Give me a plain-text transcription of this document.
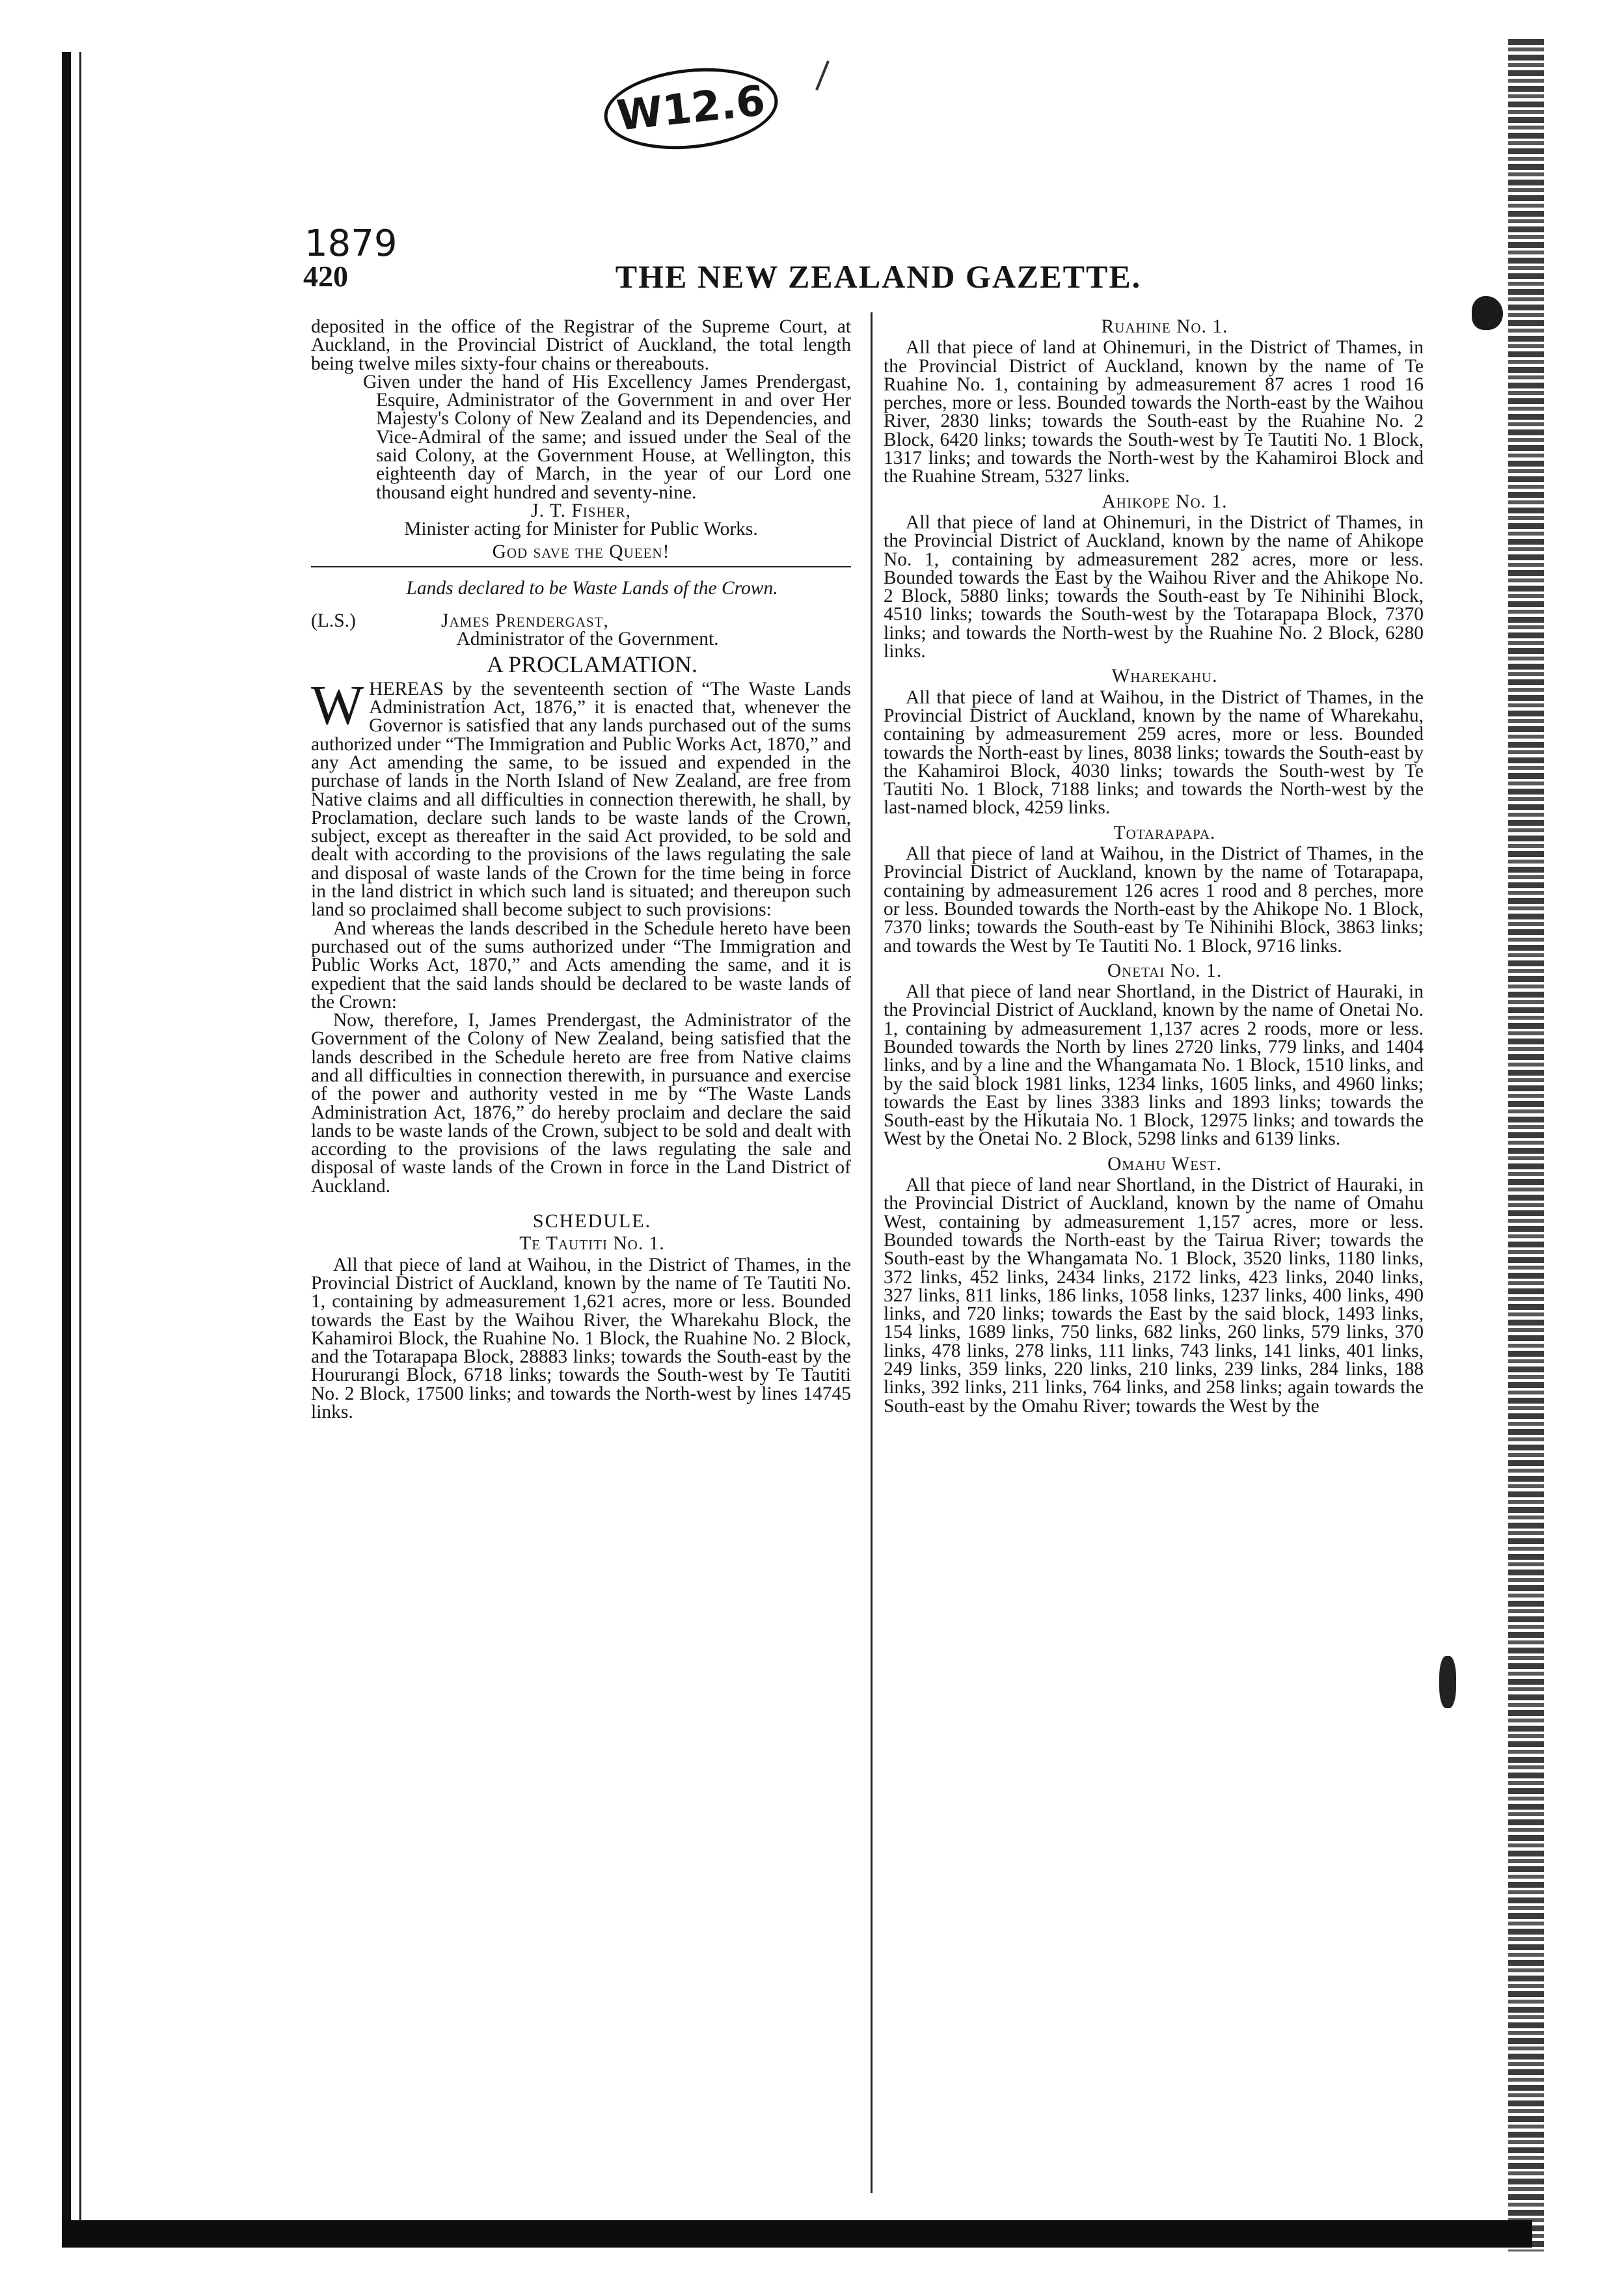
W12.6
1879
420	THE NEW ZEALAND GAZETTE.

deposited in the office of the Registrar of the Supreme Court, at Auckland, in the Provincial District of Auckland, the total length being twelve miles sixty-four chains or thereabouts.

Given under the hand of His Excellency James Prendergast, Esquire, Administrator of the Government in and over Her Majesty's Colony of New Zealand and its Dependencies, and Vice-Admiral of the same; and issued under the Seal of the said Colony, at the Government House, at Wellington, this eighteenth day of March, in the year of our Lord one thousand eight hundred and seventy-nine.

J. T. Fisher,

Minister acting for Minister for Public Works.

God save the Queen!

Lands declared to be Waste Lands of the Crown.

(L.S.)	James Prendergast,

Administrator of the Government.

A PROCLAMATION.

WHEREAS by the seventeenth section of “The Waste Lands Administration Act, 1876,” it is enacted that, whenever the Governor is satisfied that any lands purchased out of the sums authorized under “The Immigration and Public Works Act, 1870,” and any Act amending the same, to be issued and expended in the purchase of lands in the North Island of New Zealand, are free from Native claims and all difficulties in connection therewith, he shall, by Proclamation, declare such lands to be waste lands of the Crown, subject, except as thereafter in the said Act provided, to be sold and dealt with according to the provisions of the laws regulating the sale and disposal of waste lands of the Crown for the time being in force in the land district in which such land is situated; and thereupon such land so proclaimed shall become subject to such provisions:

And whereas the lands described in the Schedule hereto have been purchased out of the sums authorized under “The Immigration and Public Works Act, 1870,” and Acts amending the same, and it is expedient that the said lands should be declared to be waste lands of the Crown:

Now, therefore, I, James Prendergast, the Administrator of the Government of the Colony of New Zealand, being satisfied that the lands described in the Schedule hereto are free from Native claims and all difficulties in connection therewith, in pursuance and exercise of the power and authority vested in me by “The Waste Lands Administration Act, 1876,” do hereby proclaim and declare the said lands to be waste lands of the Crown, subject to be sold and dealt with according to the provisions of the laws regulating the sale and disposal of waste lands of the Crown in force in the Land District of Auckland.

SCHEDULE.

Te Tautiti No. 1.

All that piece of land at Waihou, in the District of Thames, in the Provincial District of Auckland, known by the name of Te Tautiti No. 1, containing by admeasurement 1,621 acres, more or less. Bounded towards the East by the Waihou River, the Wharekahu Block, the Kahamiroi Block, the Ruahine No. 1 Block, the Ruahine No. 2 Block, and the Totarapapa Block, 28883 links; towards the South-east by the Hoururangi Block, 6718 links; towards the South-west by Te Tautiti No. 2 Block, 17500 links; and towards the North-west by lines 14745 links.

Ruahine No. 1.

All that piece of land at Ohinemuri, in the District of Thames, in the Provincial District of Auckland, known by the name of Te Ruahine No. 1, containing by admeasurement 87 acres 1 rood 16 perches, more or less. Bounded towards the North-east by the Waihou River, 2830 links; towards the South-east by the Ruahine No. 2 Block, 6420 links; towards the South-west by Te Tautiti No. 1 Block, 1317 links; and towards the North-west by the Kahamiroi Block and the Ruahine Stream, 5327 links.

Ahikope No. 1.

All that piece of land at Ohinemuri, in the District of Thames, in the Provincial District of Auckland, known by the name of Ahikope No. 1, containing by admeasurement 282 acres, more or less. Bounded towards the East by the Waihou River and the Ahikope No. 2 Block, 5880 links; towards the South-east by Te Nihinihi Block, 4510 links; towards the South-west by the Totarapapa Block, 7370 links; and towards the North-west by the Ruahine No. 2 Block, 6280 links.

Wharekahu.

All that piece of land at Waihou, in the District of Thames, in the Provincial District of Auckland, known by the name of Wharekahu, containing by admeasurement 259 acres, more or less. Bounded towards the North-east by lines, 8038 links; towards the South-east by the Kahamiroi Block, 4030 links; towards the South-west by Te Tautiti No. 1 Block, 7188 links; and towards the North-west by the last-named block, 4259 links.

Totarapapa.

All that piece of land at Waihou, in the District of Thames, in the Provincial District of Auckland, known by the name of Totarapapa, containing by admeasurement 126 acres 1 rood and 8 perches, more or less. Bounded towards the North-east by the Ahikope No. 1 Block, 7370 links; towards the South-east by Te Nihinihi Block, 3863 links; and towards the West by Te Tautiti No. 1 Block, 9716 links.

Onetai No. 1.

All that piece of land near Shortland, in the District of Hauraki, in the Provincial District of Auckland, known by the name of Onetai No. 1, containing by admeasurement 1,137 acres 2 roods, more or less. Bounded towards the North by lines 2720 links, 779 links, and 1404 links, and by a line and the Whangamata No. 1 Block, 1510 links, and by the said block 1981 links, 1234 links, 1605 links, and 4960 links; towards the East by lines 3383 links and 1893 links; towards the South-east by the Hikutaia No. 1 Block, 12975 links; and towards the West by the Onetai No. 2 Block, 5298 links and 6139 links.

Omahu West.

All that piece of land near Shortland, in the District of Hauraki, in the Provincial District of Auckland, known by the name of Omahu West, containing by admeasurement 1,157 acres, more or less. Bounded towards the North-east by the Tairua River; towards the South-east by the Whangamata No. 1 Block, 3520 links, 1180 links, 372 links, 452 links, 2434 links, 2172 links, 423 links, 2040 links, 327 links, 811 links, 186 links, 1058 links, 1237 links, 400 links, 490 links, and 720 links; towards the East by the said block, 1493 links, 154 links, 1689 links, 750 links, 682 links, 260 links, 579 links, 370 links, 478 links, 278 links, 111 links, 743 links, 141 links, 401 links, 249 links, 359 links, 220 links, 210 links, 239 links, 284 links, 188 links, 392 links, 211 links, 764 links, and 258 links; again towards the South-east by the Omahu River; towards the West by the
